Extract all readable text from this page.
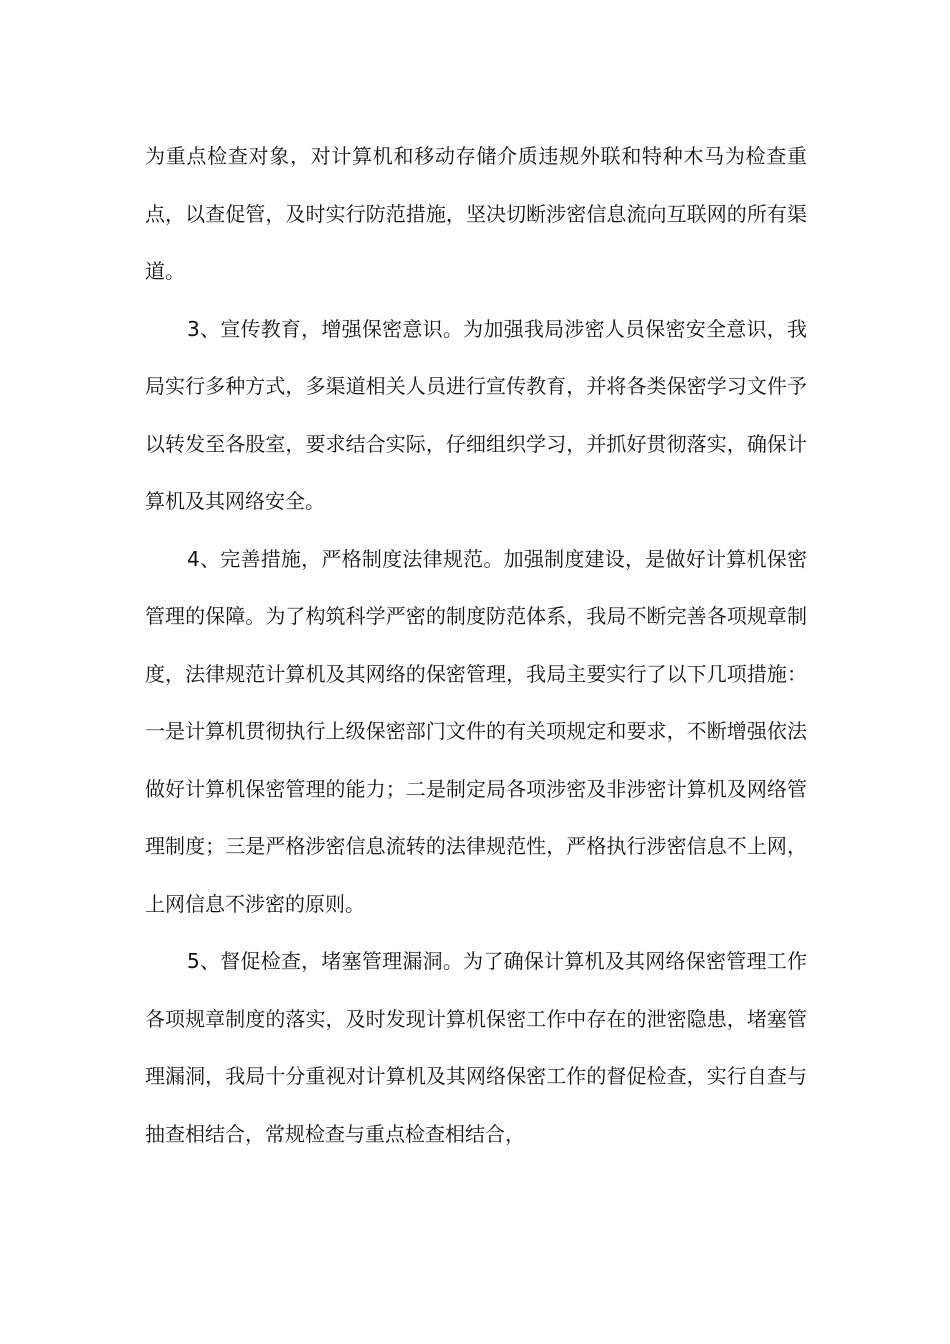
为重点检查对象，对计算机和移动存储介质违规外联和特种木马为检查重点，以查促管，及时实行防范措施，坚决切断涉密信息流向互联网的所有渠道。

3、宣传教育，增强保密意识。为加强我局涉密人员保密安全意识，我局实行多种方式，多渠道相关人员进行宣传教育，并将各类保密学习文件予以转发至各股室，要求结合实际，仔细组织学习，并抓好贯彻落实，确保计算机及其网络安全。

4、完善措施，严格制度法律规范。加强制度建设，是做好计算机保密管理的保障。为了构筑科学严密的制度防范体系，我局不断完善各项规章制度，法律规范计算机及其网络的保密管理，我局主要实行了以下几项措施：一是计算机贯彻执行上级保密部门文件的有关项规定和要求，不断增强依法做好计算机保密管理的能力；二是制定局各项涉密及非涉密计算机及网络管理制度；三是严格涉密信息流转的法律规范性，严格执行涉密信息不上网，上网信息不涉密的原则。

5、督促检查，堵塞管理漏洞。为了确保计算机及其网络保密管理工作各项规章制度的落实，及时发现计算机保密工作中存在的泄密隐患，堵塞管理漏洞，我局十分重视对计算机及其网络保密工作的督促检查，实行自查与抽查相结合，常规检查与重点检查相结合，
